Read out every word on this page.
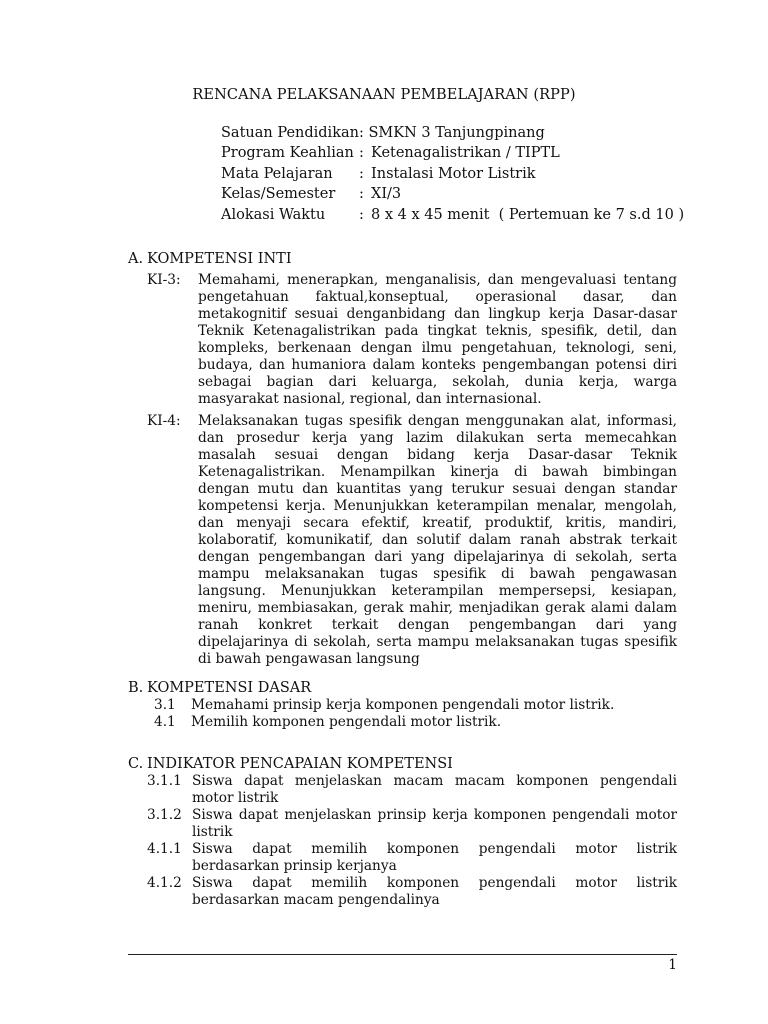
RENCANA PELAKSANAAN PEMBELAJARAN (RPP)
Satuan Pendidikan : SMKN 3 Tanjungpinang
Program Keahlian : Ketenagalistrikan / TIPTL
Mata Pelajaran	: Instalasi Motor Listrik
Kelas/Semester	: XI/3
Alokasi Waktu	: 8 x 4 x 45 menit  ( Pertemuan ke 7 s.d 10 )
A. KOMPETENSI INTI
KI-3:	Memahami, menerapkan, menganalisis, dan mengevaluasi tentang pengetahuan faktual,konseptual, operasional dasar, dan metakognitif sesuai denganbidang dan lingkup kerja Dasar-dasar Teknik Ketenagalistrikan pada tingkat teknis, spesifik, detil, dan kompleks, berkenaan dengan ilmu pengetahuan, teknologi, seni, budaya, dan humaniora dalam konteks pengembangan potensi diri sebagai bagian dari keluarga, sekolah, dunia kerja, warga masyarakat nasional, regional, dan internasional.
KI-4:	Melaksanakan tugas spesifik dengan menggunakan alat, informasi, dan prosedur kerja yang lazim dilakukan serta memecahkan masalah sesuai dengan bidang kerja Dasar-dasar Teknik Ketenagalistrikan. Menampilkan kinerja di bawah bimbingan dengan mutu dan kuantitas yang terukur sesuai dengan standar kompetensi kerja. Menunjukkan keterampilan menalar, mengolah, dan menyaji secara efektif, kreatif, produktif, kritis, mandiri, kolaboratif, komunikatif, dan solutif dalam ranah abstrak terkait dengan pengembangan dari yang dipelajarinya di sekolah, serta mampu melaksanakan tugas spesifik di bawah pengawasan langsung. Menunjukkan keterampilan mempersepsi, kesiapan, meniru, membiasakan, gerak mahir, menjadikan gerak alami dalam ranah konkret terkait dengan pengembangan dari yang dipelajarinya di sekolah, serta mampu melaksanakan tugas spesifik di bawah pengawasan langsung
B. KOMPETENSI DASAR
3.1	Memahami prinsip kerja komponen pengendali motor listrik.
4.1	Memilih komponen pengendali motor listrik.
C. INDIKATOR PENCAPAIAN KOMPETENSI
3.1.1 Siswa dapat menjelaskan macam macam komponen pengendali motor listrik
3.1.2 Siswa dapat menjelaskan prinsip kerja komponen pengendali motor listrik
4.1.1 Siswa dapat memilih komponen pengendali motor listrik berdasarkan prinsip kerjanya
4.1.2 Siswa dapat memilih komponen pengendali motor listrik berdasarkan macam pengendalinya
1
